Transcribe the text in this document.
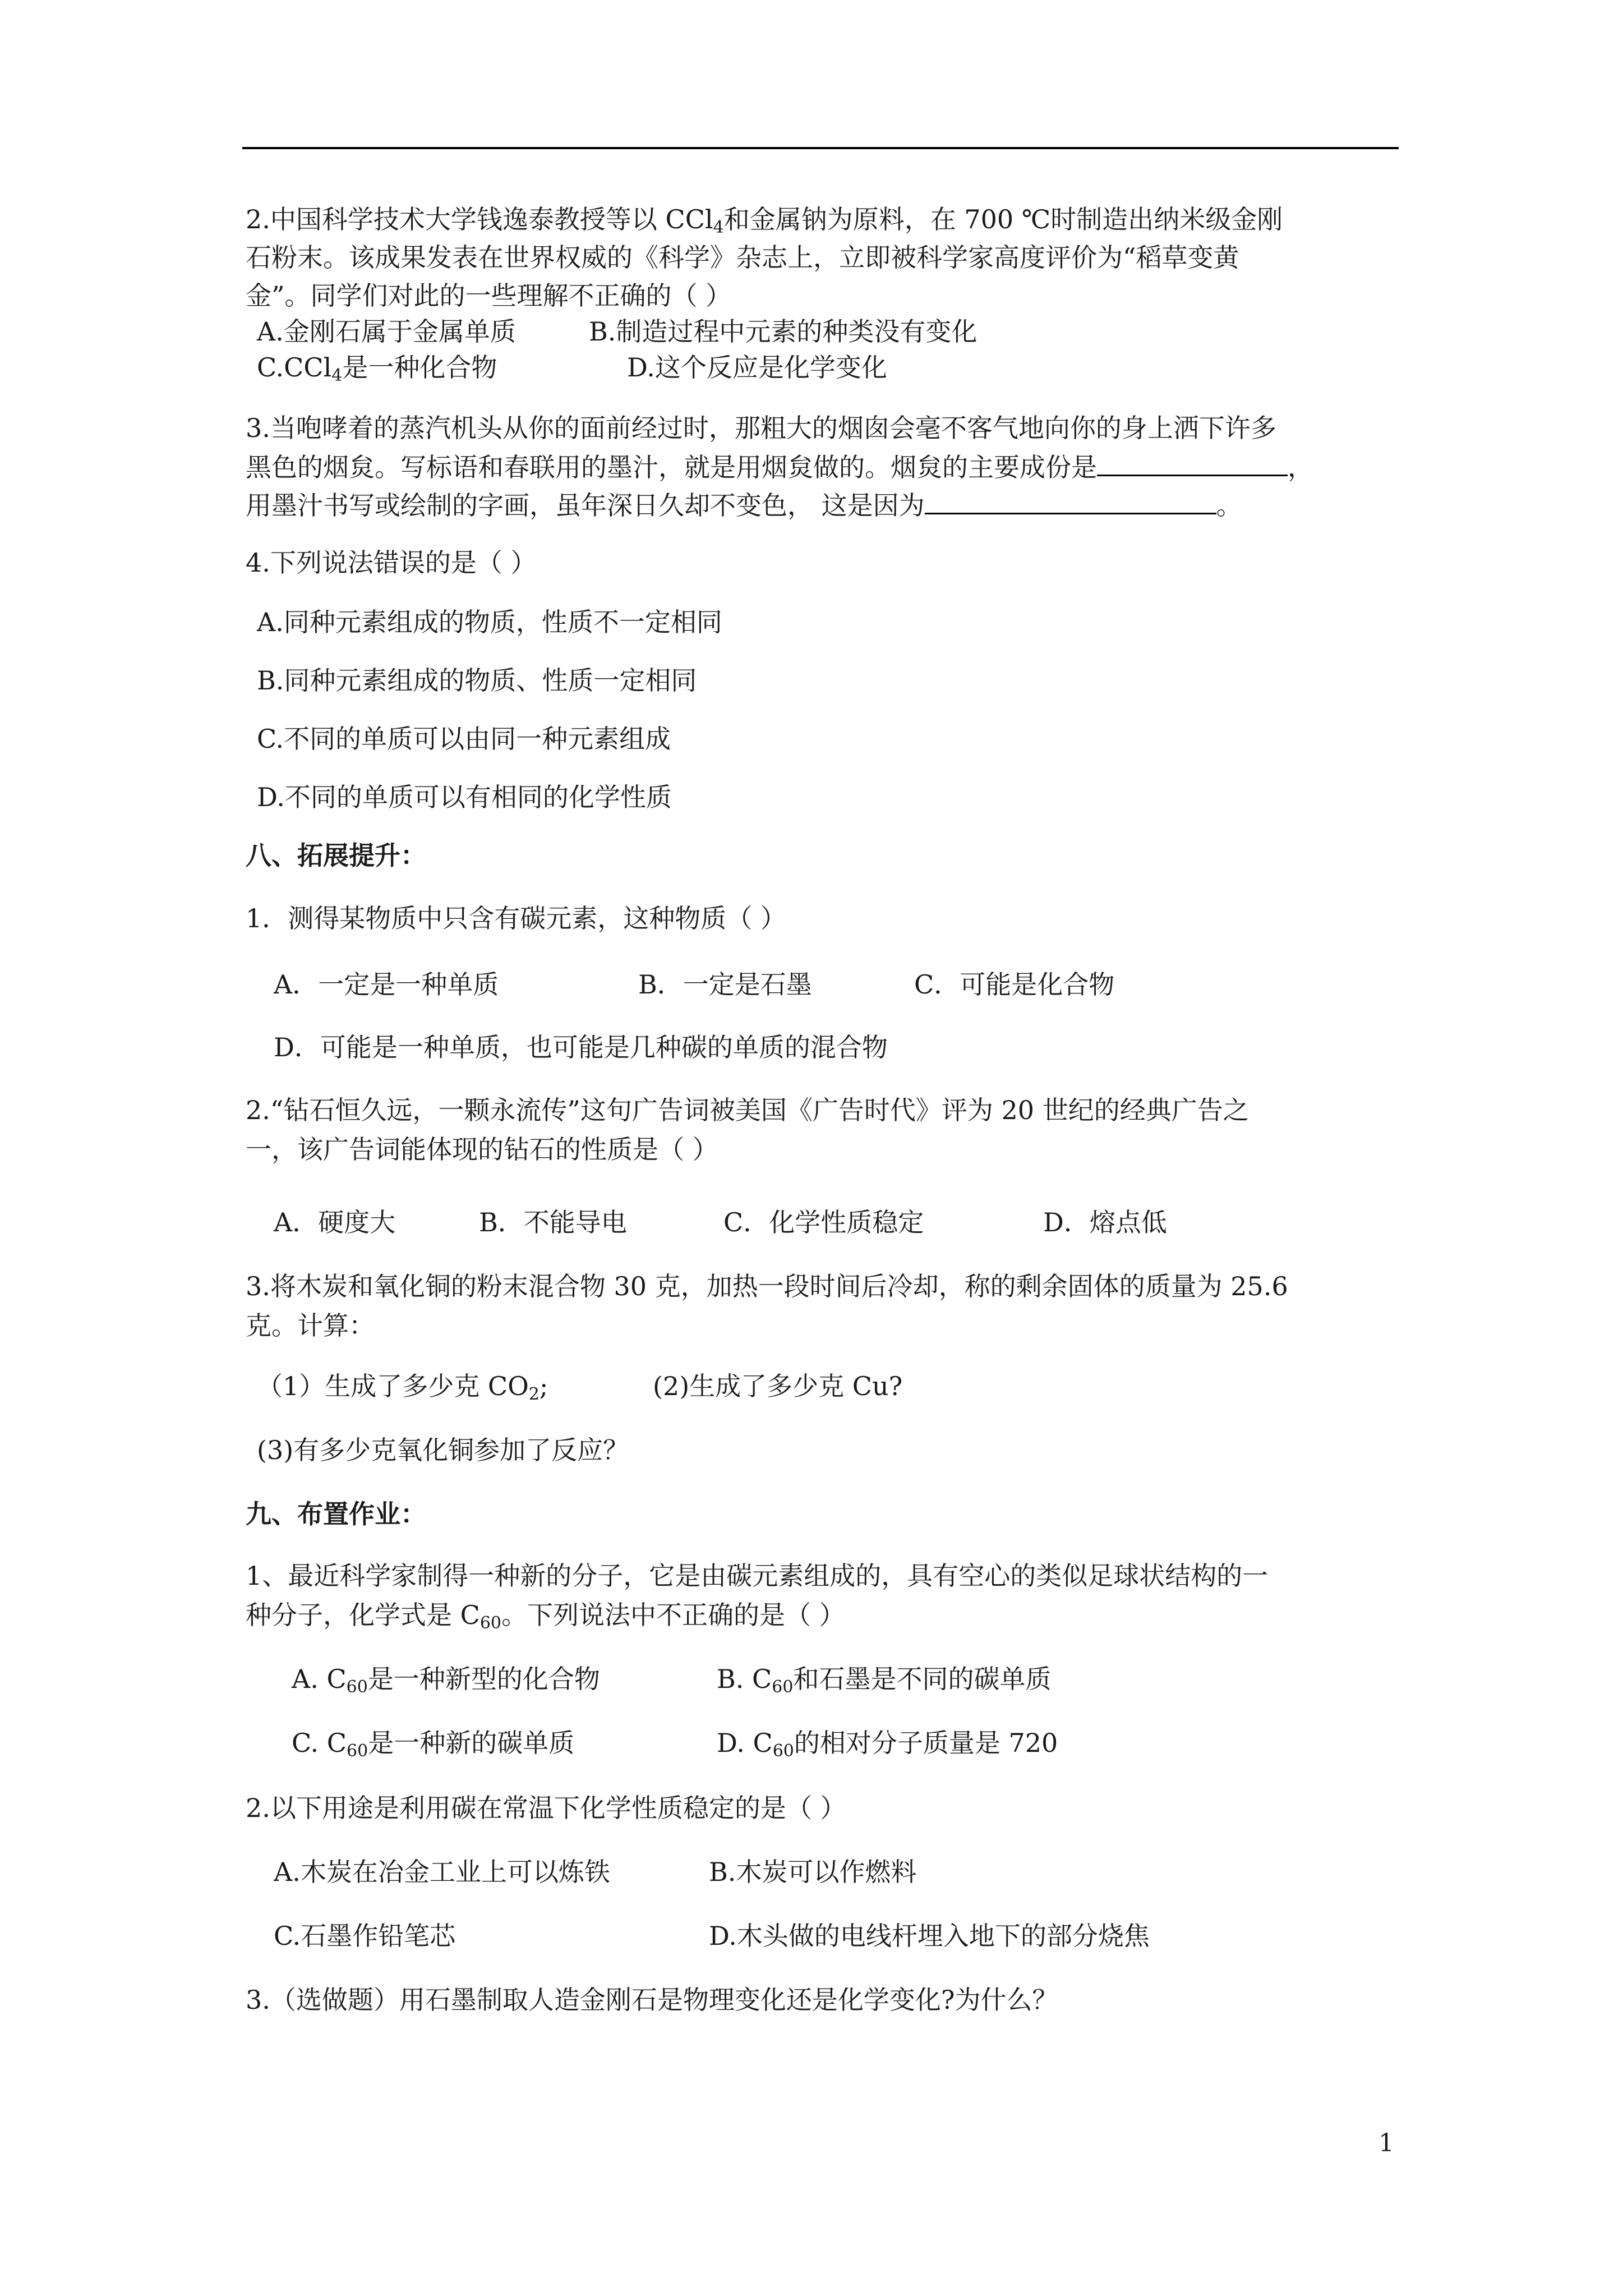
2.中国科学技术大学钱逸泰教授等以 CCl$_4$和金属钠为原料，在 700 ℃时制造出纳米级金刚
石粉末。该成果发表在世界权威的《科学》杂志上，立即被科学家高度评价为“稻草变黄
金”。同学们对此的一些理解不正确的（ ）
A.金刚石属于金属单质	B.制造过程中元素的种类没有变化
C.CCl$_4$是一种化合物	D.这个反应是化学变化
3.当咆哮着的蒸汽机头从你的面前经过时，那粗大的烟囱会毫不客气地向你的身上洒下许多
黑色的烟炱。写标语和春联用的墨汁，就是用烟炱做的。烟炱的主要成份是	，
用墨汁书写或绘制的字画，虽年深日久却不变色， 这是因为	。
4.下列说法错误的是（ ）
A.同种元素组成的物质，性质不一定相同
B.同种元素组成的物质、性质一定相同
C.不同的单质可以由同一种元素组成
D.不同的单质可以有相同的化学性质
八、拓展提升：
1．测得某物质中只含有碳元素，这种物质（ ）
A．一定是一种单质	B．一定是石墨	C．可能是化合物
D．可能是一种单质，也可能是几种碳的单质的混合物
2.“钻石恒久远，一颗永流传”这句广告词被美国《广告时代》评为 20 世纪的经典广告之
一，该广告词能体现的钻石的性质是（ ）
A．硬度大	B．不能导电	C．化学性质稳定	D．熔点低
3.将木炭和氧化铜的粉末混合物 30 克，加热一段时间后冷却，称的剩余固体的质量为 25.6
克。计算：
（1）生成了多少克 $CO_2$;	(2)生成了多少克 Cu?
(3)有多少克氧化铜参加了反应？
九、布置作业：
1、最近科学家制得一种新的分子，它是由碳元素组成的，具有空心的类似足球状结构的一
种分子，化学式是 $C_{60}$。下列说法中不正确的是（ ）
A. $C_{60}$是一种新型的化合物	B. $C_{60}$和石墨是不同的碳单质
C. $C_{60}$是一种新的碳单质	D. $C_{60}$的相对分子质量是 720
2.以下用途是利用碳在常温下化学性质稳定的是（ ）
A.木炭在冶金工业上可以炼铁	B.木炭可以作燃料
C.石墨作铅笔芯	D.木头做的电线杆埋入地下的部分烧焦
3.（选做题）用石墨制取人造金刚石是物理变化还是化学变化?为什么？
1
